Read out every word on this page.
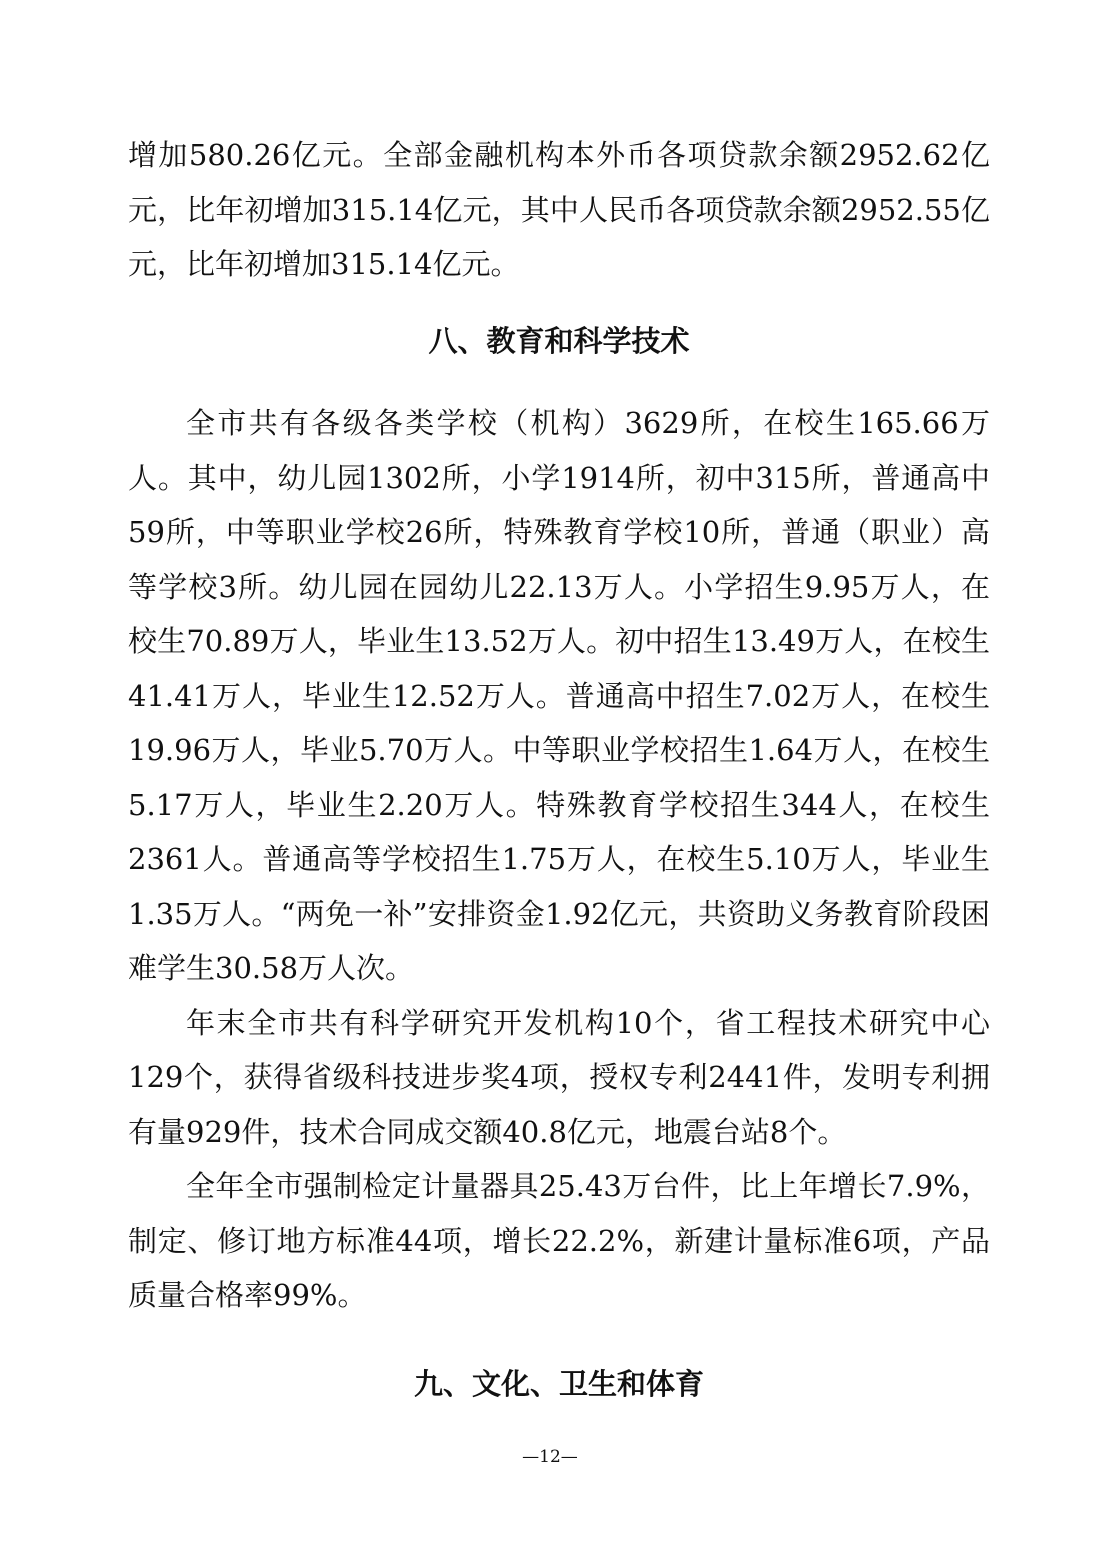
增加580.26亿元。全部金融机构本外币各项贷款余额2952.62亿元，比年初增加315.14亿元，其中人民币各项贷款余额2952.55亿元，比年初增加315.14亿元。

八、教育和科学技术

全市共有各级各类学校（机构）3629所，在校生165.66万人。其中，幼儿园1302所，小学1914所，初中315所，普通高中59所，中等职业学校26所，特殊教育学校10所，普通（职业）高等学校3所。幼儿园在园幼儿22.13万人。小学招生9.95万人，在校生70.89万人，毕业生13.52万人。初中招生13.49万人，在校生41.41万人，毕业生12.52万人。普通高中招生7.02万人，在校生19.96万人，毕业5.70万人。中等职业学校招生1.64万人，在校生5.17万人，毕业生2.20万人。特殊教育学校招生344人，在校生2361人。普通高等学校招生1.75万人，在校生5.10万人，毕业生1.35万人。“两免一补”安排资金1.92亿元，共资助义务教育阶段困难学生30.58万人次。

年末全市共有科学研究开发机构10个，省工程技术研究中心129个，获得省级科技进步奖4项，授权专利2441件，发明专利拥有量929件，技术合同成交额40.8亿元，地震台站8个。

全年全市强制检定计量器具25.43万台件，比上年增长7.9%，制定、修订地方标准44项，增长22.2%，新建计量标准6项，产品质量合格率99%。

九、文化、卫生和体育
—12—
